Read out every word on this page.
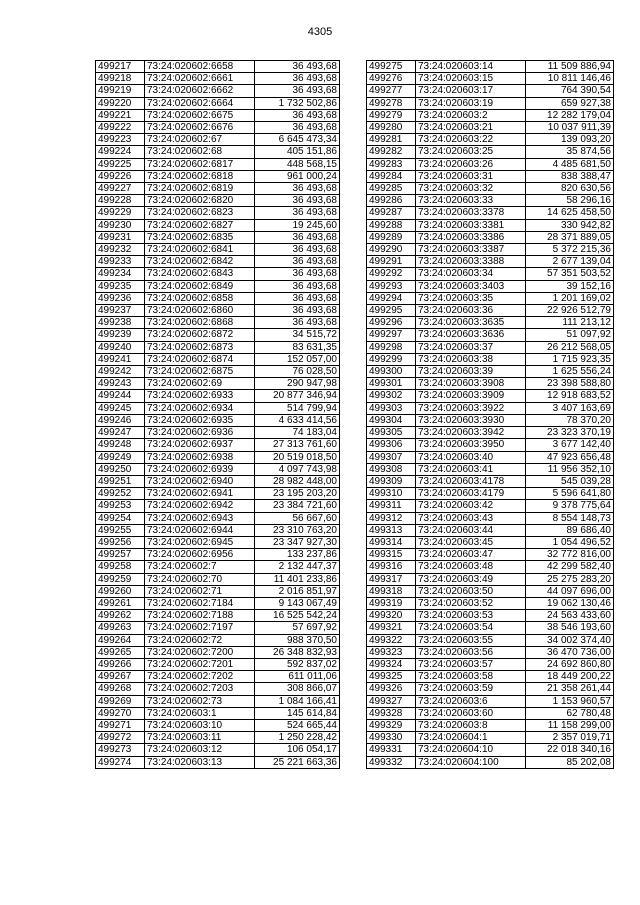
4305
499217	73:24:020602:6658	36 493,68
499218	73:24:020602:6661	36 493,68
499219	73:24:020602:6662	36 493,68
499220	73:24:020602:6664	1 732 502,86
499221	73:24:020602:6675	36 493,68
499222	73:24:020602:6676	36 493,68
499223	73:24:020602:67	6 645 473,34
499224	73:24:020602:68	405 151,86
499225	73:24:020602:6817	448 568,15
499226	73:24:020602:6818	961 000,24
499227	73:24:020602:6819	36 493,68
499228	73:24:020602:6820	36 493,68
499229	73:24:020602:6823	36 493,68
499230	73:24:020602:6827	19 245,60
499231	73:24:020602:6835	36 493,68
499232	73:24:020602:6841	36 493,68
499233	73:24:020602:6842	36 493,68
499234	73:24:020602:6843	36 493,68
499235	73:24:020602:6849	36 493,68
499236	73:24:020602:6858	36 493,68
499237	73:24:020602:6860	36 493,68
499238	73:24:020602:6868	36 493,68
499239	73:24:020602:6872	34 515,72
499240	73:24:020602:6873	83 631,35
499241	73:24:020602:6874	152 057,00
499242	73:24:020602:6875	76 028,50
499243	73:24:020602:69	290 947,98
499244	73:24:020602:6933	20 877 346,94
499245	73:24:020602:6934	514 799,94
499246	73:24:020602:6935	4 633 414,56
499247	73:24:020602:6936	74 183,04
499248	73:24:020602:6937	27 313 761,60
499249	73:24:020602:6938	20 519 018,50
499250	73:24:020602:6939	4 097 743,98
499251	73:24:020602:6940	28 982 448,00
499252	73:24:020602:6941	23 195 203,20
499253	73:24:020602:6942	23 384 721,60
499254	73:24:020602:6943	56 667,60
499255	73:24:020602:6944	23 310 763,20
499256	73:24:020602:6945	23 347 927,30
499257	73:24:020602:6956	133 237,86
499258	73:24:020602:7	2 132 447,37
499259	73:24:020602:70	11 401 233,86
499260	73:24:020602:71	2 016 851,97
499261	73:24:020602:7184	9 143 067,49
499262	73:24:020602:7188	16 525 542,24
499263	73:24:020602:7197	57 697,92
499264	73:24:020602:72	988 370,50
499265	73:24:020602:7200	26 348 832,93
499266	73:24:020602:7201	592 837,02
499267	73:24:020602:7202	611 011,06
499268	73:24:020602:7203	308 866,07
499269	73:24:020602:73	1 084 166,41
499270	73:24:020603:1	145 614,84
499271	73:24:020603:10	524 665,44
499272	73:24:020603:11	1 250 228,42
499273	73:24:020603:12	106 054,17
499274	73:24:020603:13	25 221 663,36
499275	73:24:020603:14	11 509 886,94
499276	73:24:020603:15	10 811 146,46
499277	73:24:020603:17	764 390,54
499278	73:24:020603:19	659 927,38
499279	73:24:020603:2	12 282 179,04
499280	73:24:020603:21	10 037 911,39
499281	73:24:020603:22	139 093,20
499282	73:24:020603:25	35 874,56
499283	73:24:020603:26	4 485 681,50
499284	73:24:020603:31	838 388,47
499285	73:24:020603:32	820 630,56
499286	73:24:020603:33	58 296,16
499287	73:24:020603:3378	14 625 458,50
499288	73:24:020603:3381	330 942,82
499289	73:24:020603:3386	28 371 889,05
499290	73:24:020603:3387	5 372 215,36
499291	73:24:020603:3388	2 677 139,04
499292	73:24:020603:34	57 351 503,52
499293	73:24:020603:3403	39 152,16
499294	73:24:020603:35	1 201 169,02
499295	73:24:020603:36	22 926 512,79
499296	73:24:020603:3635	111 213,12
499297	73:24:020603:3636	51 097,92
499298	73:24:020603:37	26 212 568,05
499299	73:24:020603:38	1 715 923,35
499300	73:24:020603:39	1 625 556,24
499301	73:24:020603:3908	23 398 588,80
499302	73:24:020603:3909	12 918 683,52
499303	73:24:020603:3922	3 407 163,69
499304	73:24:020603:3930	78 370,20
499305	73:24:020603:3942	23 323 370,19
499306	73:24:020603:3950	3 677 142,40
499307	73:24:020603:40	47 923 656,48
499308	73:24:020603:41	11 956 352,10
499309	73:24:020603:4178	545 039,28
499310	73:24:020603:4179	5 596 641,80
499311	73:24:020603:42	9 378 775,64
499312	73:24:020603:43	8 554 148,73
499313	73:24:020603:44	89 686,40
499314	73:24:020603:45	1 054 496,52
499315	73:24:020603:47	32 772 816,00
499316	73:24:020603:48	42 299 582,40
499317	73:24:020603:49	25 275 283,20
499318	73:24:020603:50	44 097 696,00
499319	73:24:020603:52	19 062 130,46
499320	73:24:020603:53	24 563 433,60
499321	73:24:020603:54	38 546 193,60
499322	73:24:020603:55	34 002 374,40
499323	73:24:020603:56	36 470 736,00
499324	73:24:020603:57	24 692 860,80
499325	73:24:020603:58	18 449 200,22
499326	73:24:020603:59	21 358 261,44
499327	73:24:020603:6	1 153 960,57
499328	73:24:020603:60	62 780,48
499329	73:24:020603:8	11 158 299,00
499330	73:24:020604:1	2 357 019,71
499331	73:24:020604:10	22 018 340,16
499332	73:24:020604:100	85 202,08
